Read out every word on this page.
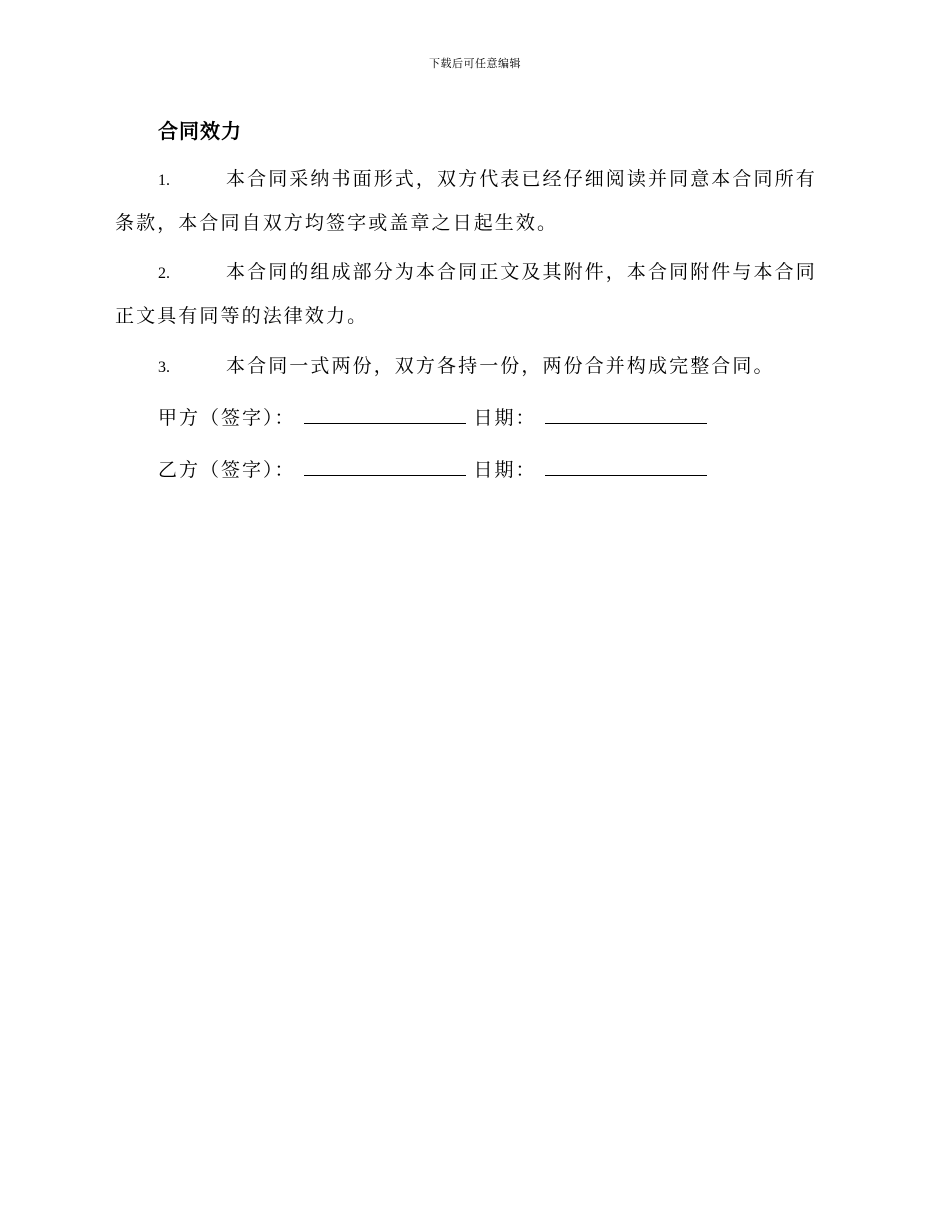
下载后可任意编辑
合同效力
1.	本合同采纳书面形式，双方代表已经仔细阅读并同意本合同所有条款，本合同自双方均签字或盖章之日起生效。
2.	本合同的组成部分为本合同正文及其附件，本合同附件与本合同正文具有同等的法律效力。
3.	本合同一式两份，双方各持一份，两份合并构成完整合同。
甲方（签字）：	日期：
乙方（签字）：	日期：
